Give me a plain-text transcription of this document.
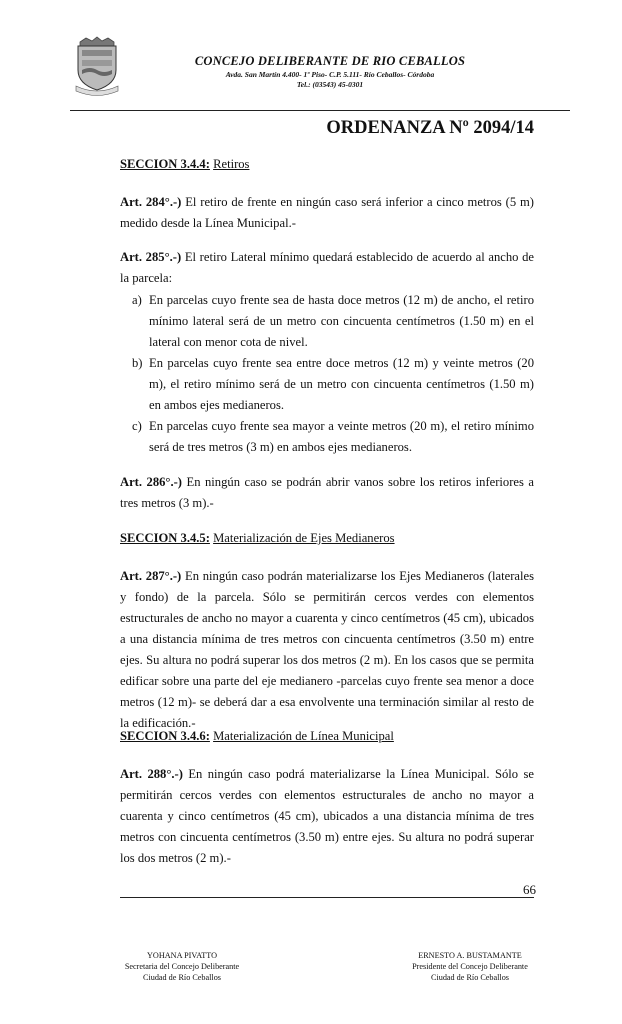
CONCEJO DELIBERANTE DE RIO CEBALLOS
Avda. San Martín 4.400- 1º Piso- C.P. 5.111- Río Ceballos- Córdoba
Tel.: (03543) 45-0301
ORDENANZA Nº 2094/14
SECCION 3.4.4: Retiros
Art. 284°.-) El retiro de frente en ningún caso será inferior a cinco metros (5 m) medido desde la Línea Municipal.-
Art. 285°.-) El retiro Lateral mínimo quedará establecido de acuerdo al ancho de la parcela:
a) En parcelas cuyo frente sea de hasta doce metros (12 m) de ancho, el retiro mínimo lateral será de un metro con cincuenta centímetros (1.50 m) en el lateral con menor cota de nivel.
b) En parcelas cuyo frente sea entre doce metros (12 m) y veinte metros (20 m), el retiro mínimo será de un metro con cincuenta centímetros (1.50 m) en ambos ejes medianeros.
c) En parcelas cuyo frente sea mayor a veinte metros (20 m), el retiro mínimo será de tres metros (3 m) en ambos ejes medianeros.
Art. 286°.-) En ningún caso se podrán abrir vanos sobre los retiros inferiores a tres metros (3 m).-
SECCION 3.4.5: Materialización de Ejes Medianeros
Art. 287°.-) En ningún caso podrán materializarse los Ejes Medianeros (laterales y fondo) de la parcela. Sólo se permitirán cercos verdes con elementos estructurales de ancho no mayor a cuarenta y cinco centímetros (45 cm), ubicados a una distancia mínima de tres metros con cincuenta centímetros (3.50 m) entre ejes. Su altura no podrá superar los dos metros (2 m). En los casos que se permita edificar sobre una parte del eje medianero -parcelas cuyo frente sea menor a doce metros (12 m)- se deberá dar a esa envolvente una terminación similar al resto de la edificación.-
SECCION 3.4.6: Materialización de Línea Municipal
Art. 288°.-) En ningún caso podrá materializarse la Línea Municipal. Sólo se permitirán cercos verdes con elementos estructurales de ancho no mayor a cuarenta y cinco centímetros (45 cm), ubicados a una distancia mínima de tres metros con cincuenta centímetros (3.50 m) entre ejes. Su altura no podrá superar los dos metros (2 m).-
66
YOHANA PIVATTO
Secretaria del Concejo Deliberante
Ciudad de Río Ceballos
ERNESTO A. BUSTAMANTE
Presidente del Concejo Deliberante
Ciudad de Río Ceballos
